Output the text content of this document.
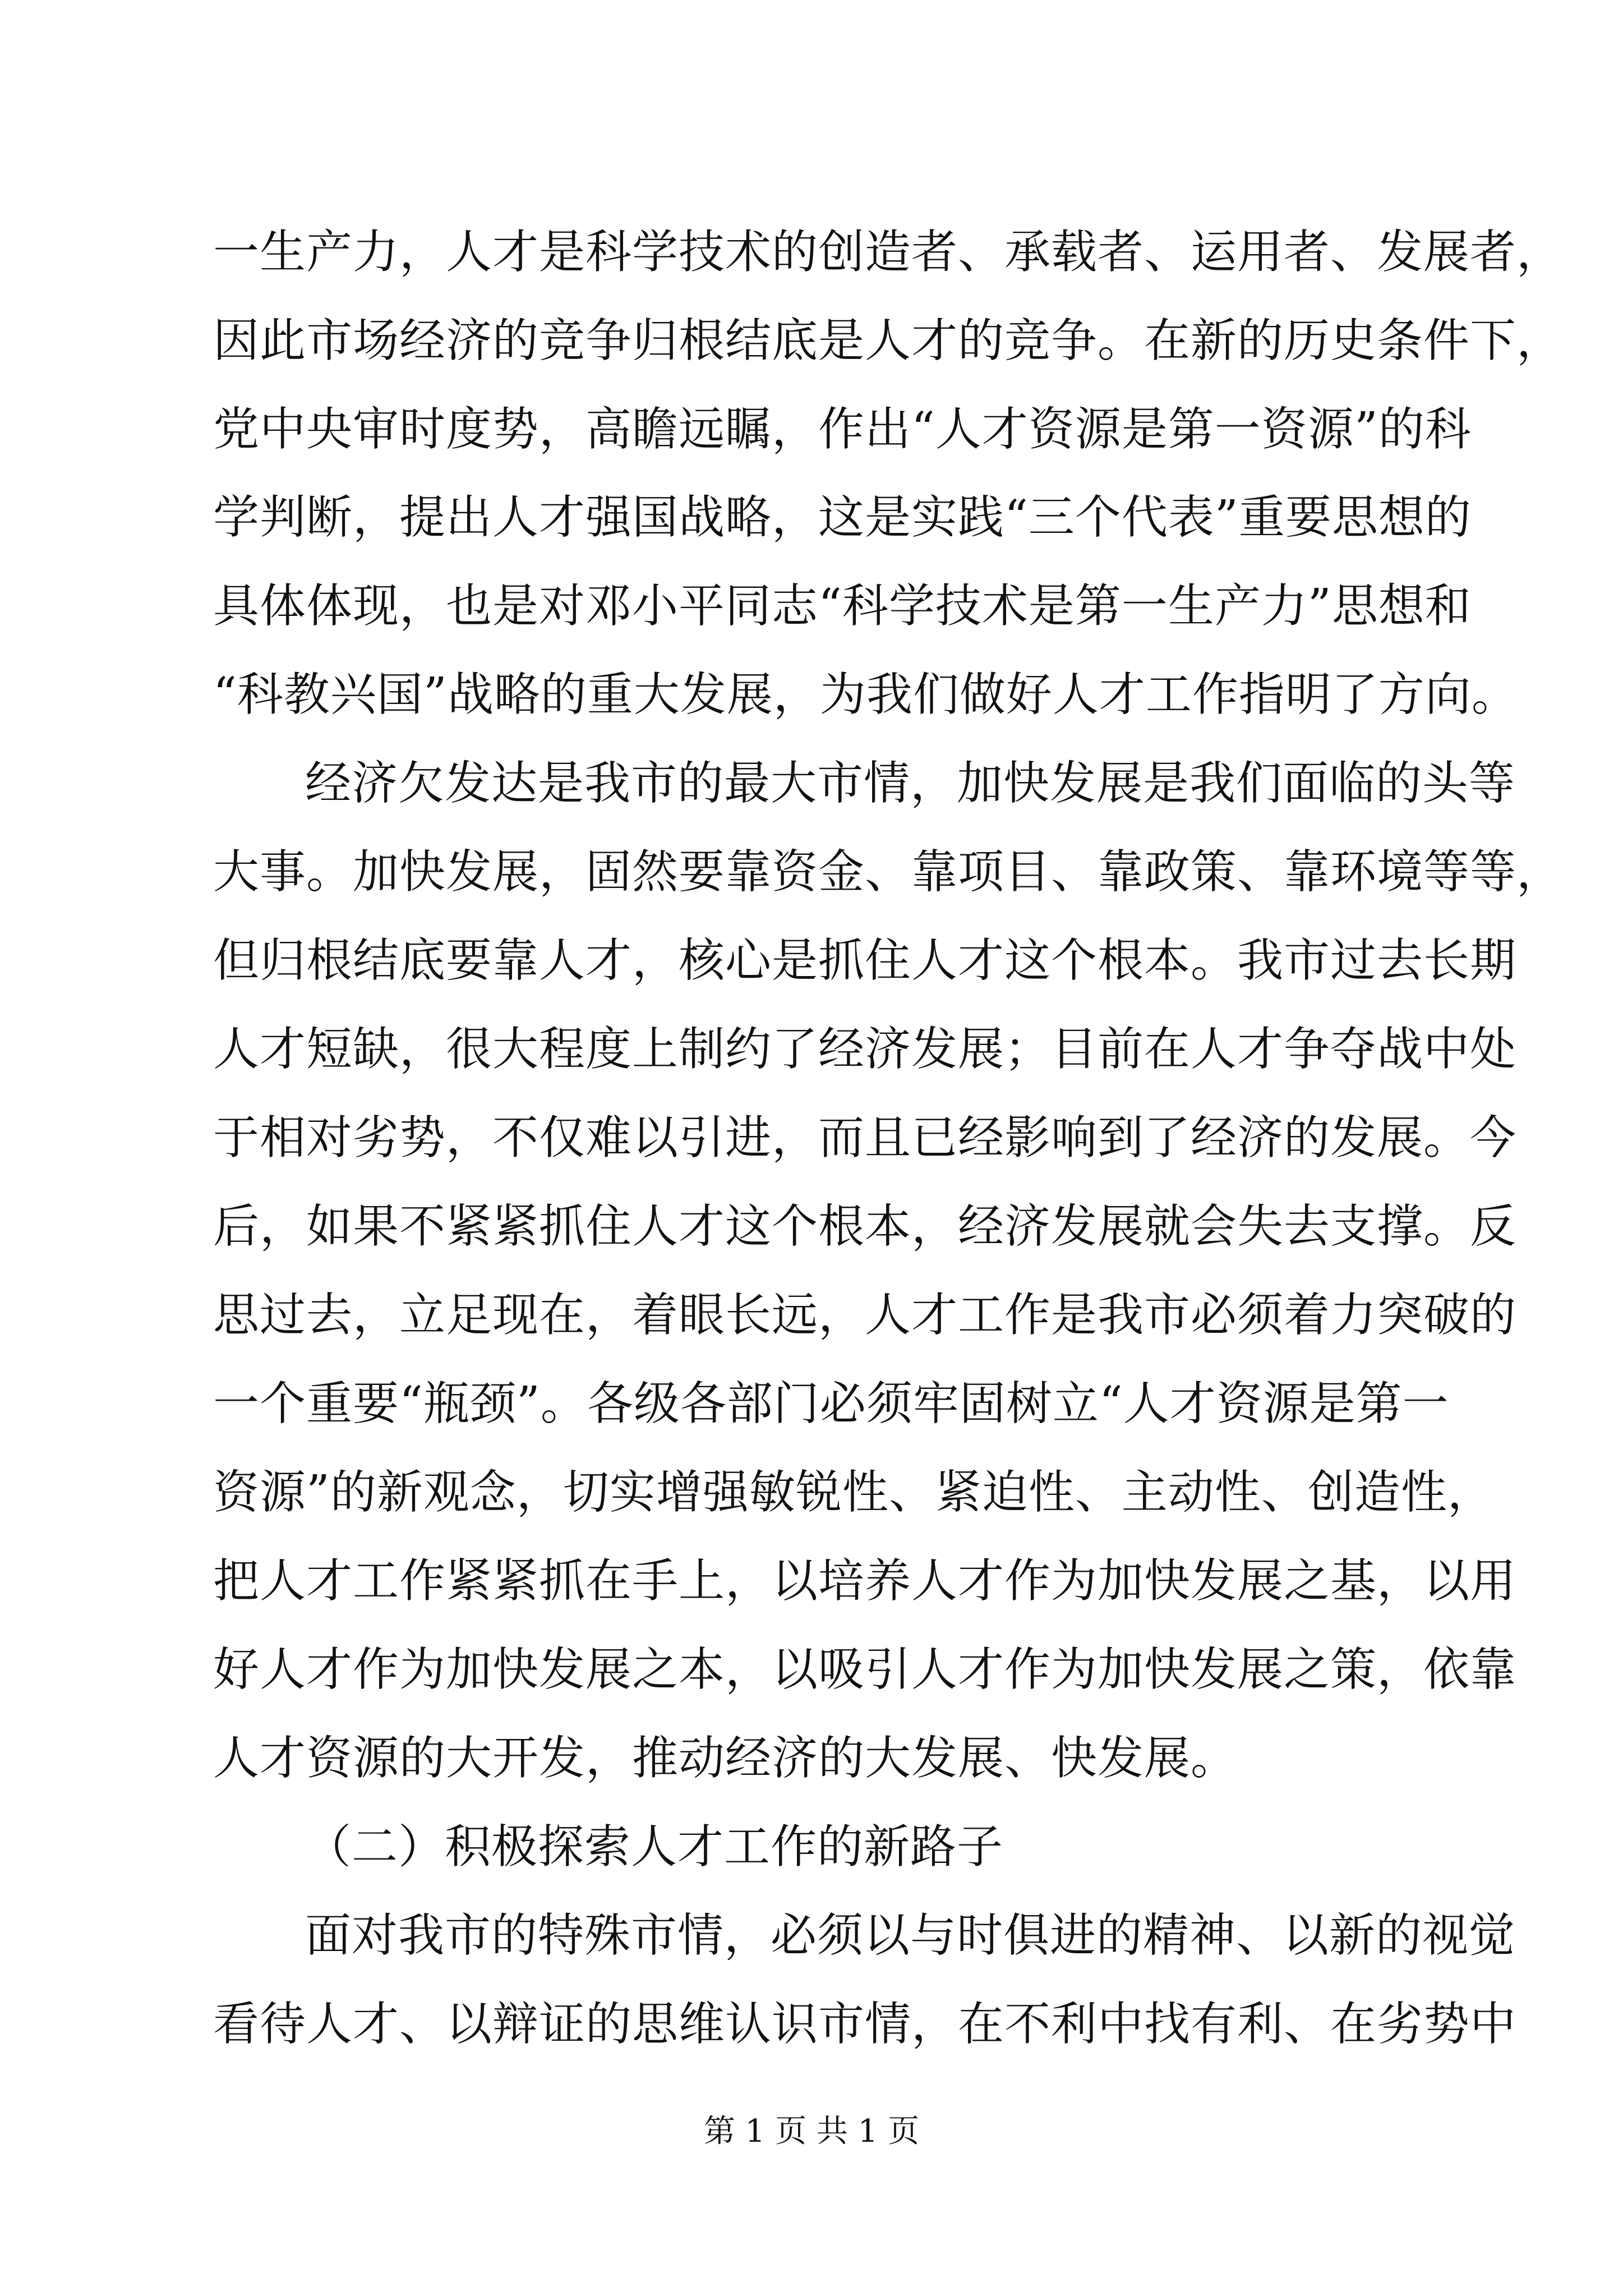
一生产力，人才是科学技术的创造者、承载者、运用者、发展者，
因此市场经济的竞争归根结底是人才的竞争。在新的历史条件下，
党中央审时度势，高瞻远瞩，作出“人才资源是第一资源”的科
学判断，提出人才强国战略，这是实践“三个代表”重要思想的
具体体现，也是对邓小平同志“科学技术是第一生产力”思想和
“科教兴国”战略的重大发展，为我们做好人才工作指明了方向。
经济欠发达是我市的最大市情，加快发展是我们面临的头等
大事。加快发展，固然要靠资金、靠项目、靠政策、靠环境等等，
但归根结底要靠人才，核心是抓住人才这个根本。我市过去长期
人才短缺，很大程度上制约了经济发展；目前在人才争夺战中处
于相对劣势，不仅难以引进，而且已经影响到了经济的发展。今
后，如果不紧紧抓住人才这个根本，经济发展就会失去支撑。反
思过去，立足现在，着眼长远，人才工作是我市必须着力突破的
一个重要“瓶颈”。各级各部门必须牢固树立“人才资源是第一
资源”的新观念，切实增强敏锐性、紧迫性、主动性、创造性，
把人才工作紧紧抓在手上，以培养人才作为加快发展之基，以用
好人才作为加快发展之本，以吸引人才作为加快发展之策，依靠
人才资源的大开发，推动经济的大发展、快发展。
（二）积极探索人才工作的新路子
面对我市的特殊市情，必须以与时俱进的精神、以新的视觉
看待人才、以辩证的思维认识市情，在不利中找有利、在劣势中
第 1 页 共 1 页
